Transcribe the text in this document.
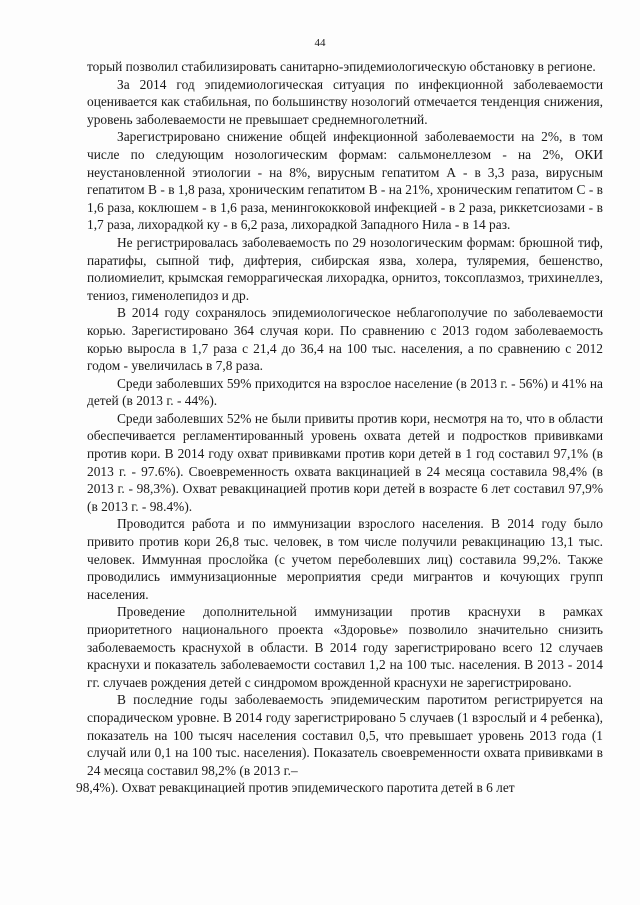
44

торый позволил стабилизировать санитарно-эпидемиологическую обстановку в регионе.

За 2014 год эпидемиологическая ситуация по инфекционной заболеваемости оценивается как стабильная, по большинству нозологий отмечается тенденция снижения, уровень заболеваемости не превышает среднемноголетний.

Зарегистрировано снижение общей инфекционной заболеваемости на 2%, в том числе по следующим нозологическим формам: сальмонеллезом - на 2%, ОКИ неустановленной этиологии - на 8%, вирусным гепатитом А - в 3,3 раза, вирусным гепатитом В - в 1,8 раза, хроническим гепатитом В - на 21%, хроническим гепатитом С - в 1,6 раза, коклюшем - в 1,6 раза, менингококковой инфекцией - в 2 раза, риккетсиозами - в 1,7 раза, лихорадкой ку - в 6,2 раза, лихорадкой Западного Нила - в 14 раз.

Не регистрировалась заболеваемость по 29 нозологическим формам: брюшной тиф, паратифы, сыпной тиф, дифтерия, сибирская язва, холера, туляремия, бешенство, полиомиелит, крымская геморрагическая лихорадка, орнитоз, токсоплазмоз, трихинеллез, тениоз, гименолепидоз и др.

В 2014 году сохранялось эпидемиологическое неблагополучие по заболеваемости корью. Зарегистировано 364 случая кори. По сравнению с 2013 годом заболеваемость корью выросла в 1,7 раза с 21,4 до 36,4 на 100 тыс. населения, а по сравнению с 2012 годом - увеличилась в 7,8 раза.

Среди заболевших 59% приходится на взрослое население (в 2013 г. - 56%) и 41% на детей (в 2013 г. - 44%).

Среди заболевших 52% не были привиты против кори, несмотря на то, что в области обеспечивается регламентированный уровень охвата детей и подростков прививками против кори. В 2014 году охват прививками против кори детей в 1 год составил 97,1% (в 2013 г. - 97.6%). Своевременность охвата вакцинацией в 24 месяца составила 98,4% (в 2013 г. - 98,3%). Охват ревакцинацией против кори детей в возрасте 6 лет составил 97,9% (в 2013 г. - 98.4%).

Проводится работа и по иммунизации взрослого населения. В 2014 году было привито против кори 26,8 тыс. человек, в том числе получили ревакцинацию 13,1 тыс. человек. Иммунная прослойка (с учетом переболевших лиц) составила 99,2%. Также проводились иммунизационные мероприятия среди мигрантов и кочующих групп населения.

Проведение дополнительной иммунизации против краснухи в рамках приоритетного национального проекта «Здоровье» позволило значительно снизить заболеваемость краснухой в области. В 2014 году зарегистрировано всего 12 случаев краснухи и показатель заболеваемости составил 1,2 на 100 тыс. населения. В 2013 - 2014 гг. случаев рождения детей с синдромом врожденной краснухи не зарегистрировано.

В последние годы заболеваемость эпидемическим паротитом регистрируется на спорадическом уровне. В 2014 году зарегистрировано 5 случаев (1 взрослый и 4 ребенка), показатель на 100 тысяч населения составил 0,5, что превышает уровень 2013 года (1 случай или 0,1 на 100 тыс. населения). Показатель своевременности охвата прививками в 24 месяца составил 98,2% (в 2013 г.–

98,4%). Охват ревакцинацией против эпидемического паротита детей в 6 лет
